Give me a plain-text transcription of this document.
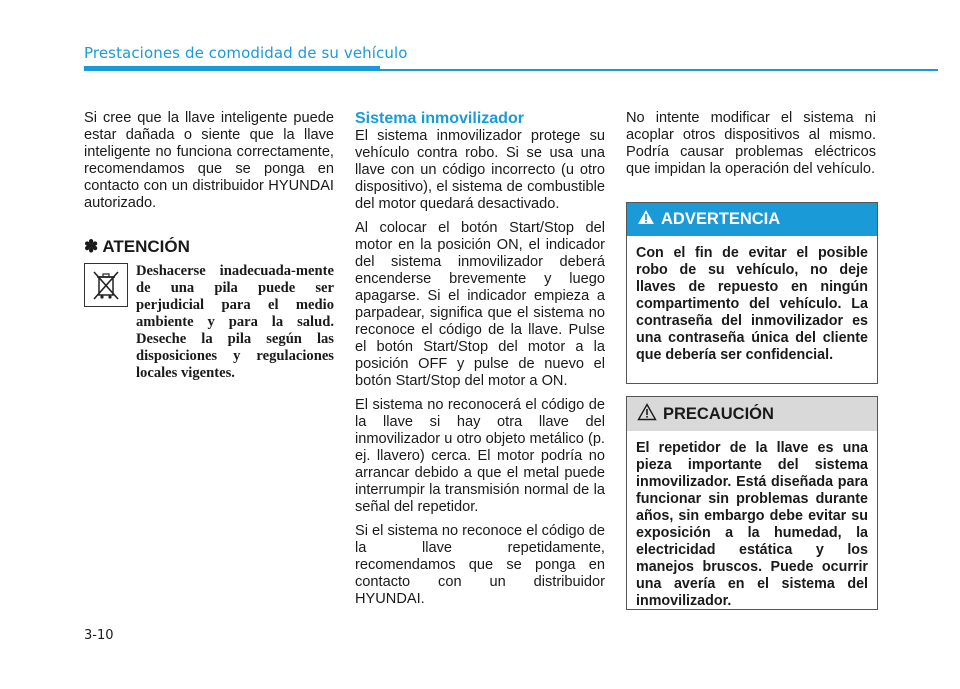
Prestaciones de comodidad de su vehículo

Si cree que la llave inteligente puede estar dañada o siente que la llave inteligente no funciona correctamente, recomendamos que se ponga en contacto con un distribuidor HYUNDAI autorizado.

✽ ATENCIÓN
Deshacerse inadecuada-mente de una pila puede ser perjudicial para el medio ambiente y para la salud. Deseche la pila según las disposiciones y regulaciones locales vigentes.
Sistema inmovilizador

El sistema inmovilizador protege su vehículo contra robo. Si se usa una llave con un código incorrecto (u otro dispositivo), el sistema de combustible del motor quedará desactivado.

Al colocar el botón Start/Stop del motor en la posición ON, el indicador del sistema inmovilizador deberá encenderse brevemente y luego apagarse. Si el indicador empieza a parpadear, significa que el sistema no reconoce el código de la llave. Pulse el botón Start/Stop del motor a la posición OFF y pulse de nuevo el botón Start/Stop del motor a ON.

El sistema no reconocerá el código de la llave si hay otra llave del inmovilizador u otro objeto metálico (p. ej. llavero) cerca. El motor podría no arrancar debido a que el metal puede interrumpir la transmisión normal de la señal del repetidor.

Si el sistema no reconoce el código de la llave repetidamente, recomendamos que se ponga en contacto con un distribuidor HYUNDAI.

No intente modificar el sistema ni acoplar otros dispositivos al mismo. Podría causar problemas eléctricos que impidan la operación del vehículo.

ADVERTENCIA
Con el fin de evitar el posible robo de su vehículo, no deje llaves de repuesto en ningún compartimento del vehículo. La contraseña del inmovilizador es una contraseña única del cliente que debería ser confidencial.
PRECAUCIÓN
El repetidor de la llave es una pieza importante del sistema inmovilizador. Está diseñada para funcionar sin problemas durante años, sin embargo debe evitar su exposición a la humedad, la electricidad estática y los manejos bruscos. Puede ocurrir una avería en el sistema del inmovilizador.
3-10
